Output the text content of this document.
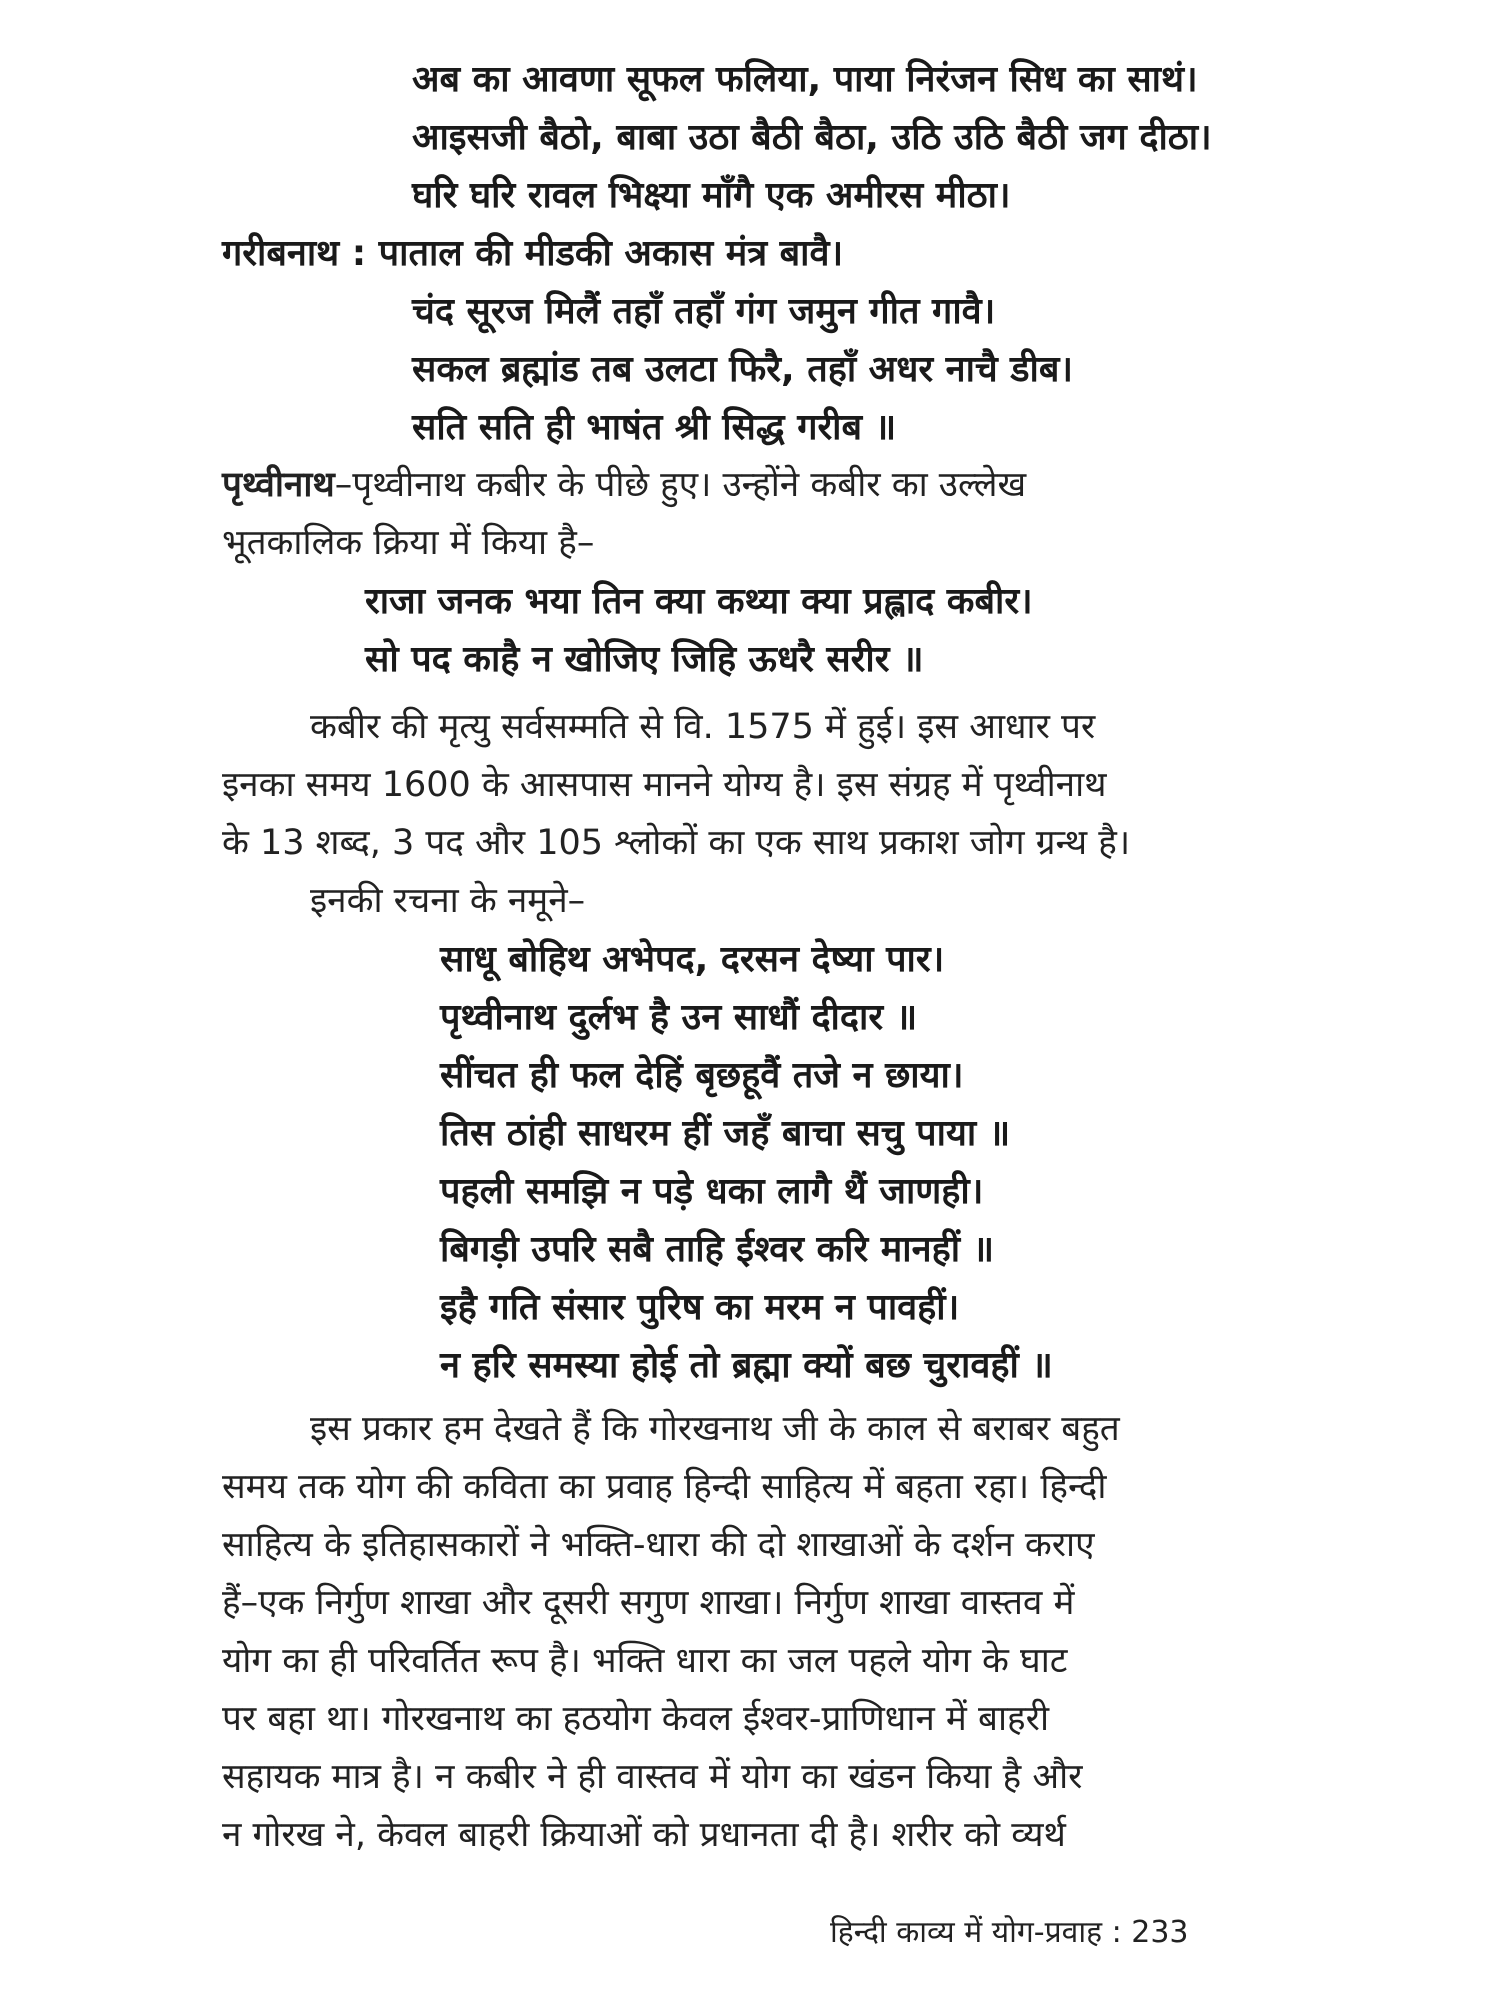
अब का आवणा सूफल फलिया, पाया निरंजन सिध का साथं।

आइसजी बैठो, बाबा उठा बैठी बैठा, उठि उठि बैठी जग दीठा।

घरि घरि रावल भिक्ष्या माँगै एक अमीरस मीठा।

गरीबनाथ : पाताल की मीडकी अकास मंत्र बावै।

चंद सूरज मिलैं तहाँ तहाँ गंग जमुन गीत गावै।

सकल ब्रह्मांड तब उलटा फिरै, तहाँ अधर नाचै डीब।

सति सति ही भाषंत श्री सिद्ध गरीब ॥

पृथ्वीनाथ–पृथ्वीनाथ कबीर के पीछे हुए। उन्होंने कबीर का उल्लेख

भूतकालिक क्रिया में किया है–

राजा जनक भया तिन क्या कथ्या क्या प्रह्लाद कबीर।

सो पद काहै न खोजिए जिहि ऊधरै सरीर ॥

कबीर की मृत्यु सर्वसम्मति से वि. 1575 में हुई। इस आधार पर

इनका समय 1600 के आसपास मानने योग्य है। इस संग्रह में पृथ्वीनाथ

के 13 शब्द, 3 पद और 105 श्लोकों का एक साथ प्रकाश जोग ग्रन्थ है।

इनकी रचना के नमूने–

साधू बोहिथ अभेपद, दरसन देष्या पार।

पृथ्वीनाथ दुर्लभ है उन साधौं दीदार ॥

सींचत ही फल देहिं बृछहूवैं तजे न छाया।

तिस ठांही साधरम हीं जहँ बाचा सचु पाया ॥

पहली समझि न पड़े धका लागै थैं जाणही।

बिगड़ी उपरि सबै ताहि ईश्वर करि मानहीं ॥

इहै गति संसार पुरिष का मरम न पावहीं।

न हरि समस्या होई तो ब्रह्मा क्यों बछ चुरावहीं ॥

इस प्रकार हम देखते हैं कि गोरखनाथ जी के काल से बराबर बहुत

समय तक योग की कविता का प्रवाह हिन्दी साहित्य में बहता रहा। हिन्दी

साहित्य के इतिहासकारों ने भक्ति-धारा की दो शाखाओं के दर्शन कराए

हैं–एक निर्गुण शाखा और दूसरी सगुण शाखा। निर्गुण शाखा वास्तव में

योग का ही परिवर्तित रूप है। भक्ति धारा का जल पहले योग के घाट

पर बहा था। गोरखनाथ का हठयोग केवल ईश्वर-प्राणिधान में बाहरी

सहायक मात्र है। न कबीर ने ही वास्तव में योग का खंडन किया है और

न गोरख ने, केवल बाहरी क्रियाओं को प्रधानता दी है। शरीर को व्यर्थ

हिन्दी काव्य में योग-प्रवाह : 233
